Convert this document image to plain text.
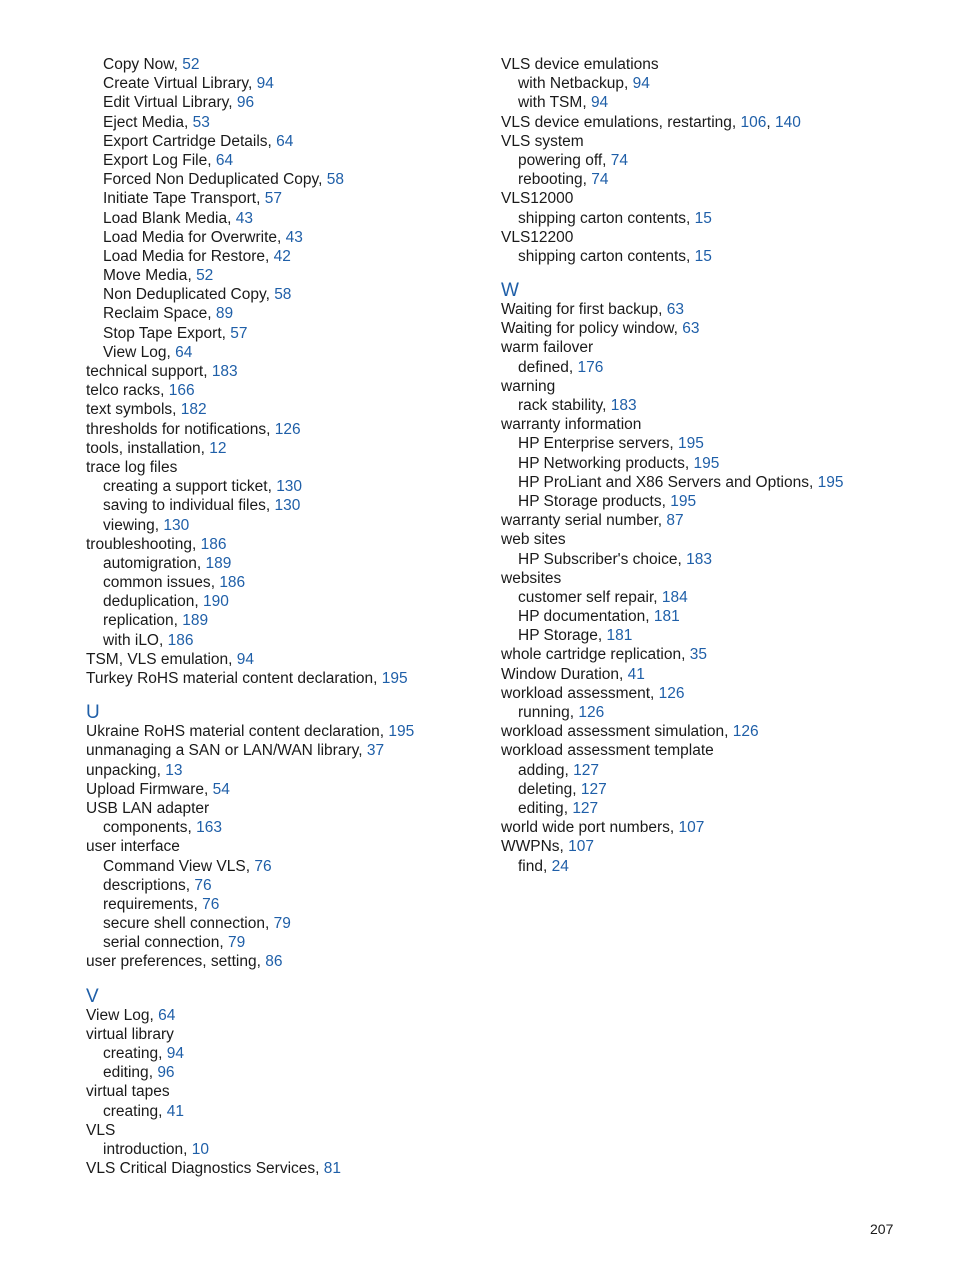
Copy Now, 52
Create Virtual Library, 94
Edit Virtual Library, 96
Eject Media, 53
Export Cartridge Details, 64
Export Log File, 64
Forced Non Deduplicated Copy, 58
Initiate Tape Transport, 57
Load Blank Media, 43
Load Media for Overwrite, 43
Load Media for Restore, 42
Move Media, 52
Non Deduplicated Copy, 58
Reclaim Space, 89
Stop Tape Export, 57
View Log, 64
technical support, 183
telco racks, 166
text symbols, 182
thresholds for notifications, 126
tools, installation, 12
trace log files
creating a support ticket, 130
saving to individual files, 130
viewing, 130
troubleshooting, 186
automigration, 189
common issues, 186
deduplication, 190
replication, 189
with iLO, 186
TSM, VLS emulation, 94
Turkey RoHS material content declaration, 195
U
Ukraine RoHS material content declaration, 195
unmanaging a SAN or LAN/WAN library, 37
unpacking, 13
Upload Firmware, 54
USB LAN adapter
components, 163
user interface
Command View VLS, 76
descriptions, 76
requirements, 76
secure shell connection, 79
serial connection, 79
user preferences, setting, 86
V
View Log, 64
virtual library
creating, 94
editing, 96
virtual tapes
creating, 41
VLS
introduction, 10
VLS Critical Diagnostics Services, 81
VLS device emulations
with Netbackup, 94
with TSM, 94
VLS device emulations, restarting, 106, 140
VLS system
powering off, 74
rebooting, 74
VLS12000
shipping carton contents, 15
VLS12200
shipping carton contents, 15
W
Waiting for first backup, 63
Waiting for policy window, 63
warm failover
defined, 176
warning
rack stability, 183
warranty information
HP Enterprise servers, 195
HP Networking products, 195
HP ProLiant and X86 Servers and Options, 195
HP Storage products, 195
warranty serial number, 87
web sites
HP Subscriber's choice, 183
websites
customer self repair, 184
HP documentation, 181
HP Storage, 181
whole cartridge replication, 35
Window Duration, 41
workload assessment, 126
running, 126
workload assessment simulation, 126
workload assessment template
adding, 127
deleting, 127
editing, 127
world wide port numbers, 107
WWPNs, 107
find, 24
207
